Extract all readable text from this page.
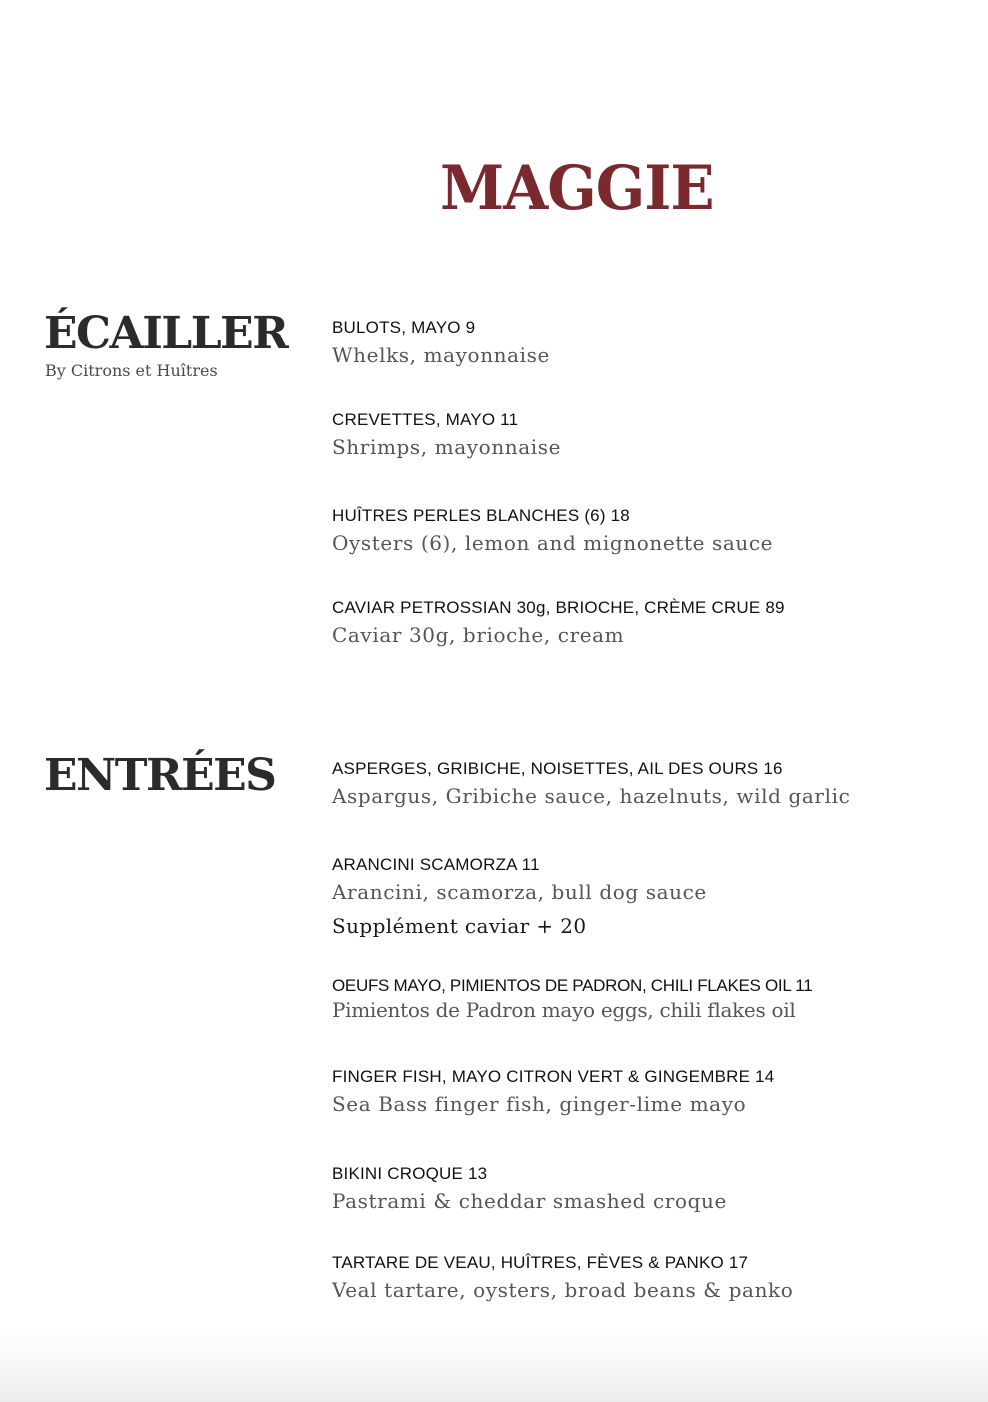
MAGGIE
ÉCAILLER
By Citrons et Huîtres
BULOTS, MAYO 9
Whelks, mayonnaise
CREVETTES, MAYO 11
Shrimps, mayonnaise
HUÎTRES PERLES BLANCHES (6) 18
Oysters (6), lemon and mignonette sauce
CAVIAR PETROSSIAN 30g, BRIOCHE, CRÈME CRUE 89
Caviar 30g, brioche, cream
ENTRÉES	ASPERGES, GRIBICHE, NOISETTES, AIL DES OURS 16
Aspargus, Gribiche sauce, hazelnuts, wild garlic
ARANCINI SCAMORZA 11
Arancini, scamorza, bull dog sauce
Supplément caviar + 20
OEUFS MAYO, PIMIENTOS DE PADRON, CHILI FLAKES OIL 11
Pimientos de Padron mayo eggs, chili flakes oil
FINGER FISH, MAYO CITRON VERT & GINGEMBRE 14
Sea Bass finger fish, ginger-lime mayo
BIKINI CROQUE 13
Pastrami & cheddar smashed croque
TARTARE DE VEAU, HUÎTRES, FÈVES & PANKO 17
Veal tartare, oysters, broad beans & panko
